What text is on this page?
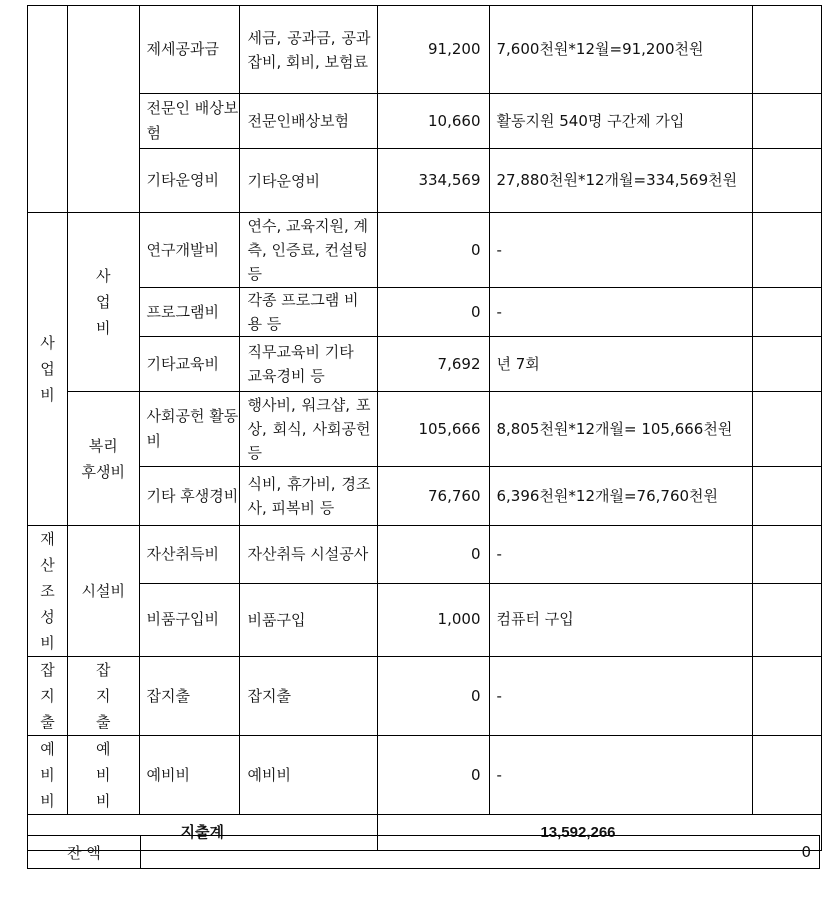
		제세공과금	세금, 공과금, 공과잡비, 회비, 보험료	91,200	7,600천원*12월=91,200천원	
		전문인 배상보험	전문인배상보험	10,660	활동지원 540명 구간제 가입	
		기타운영비	기타운영비	334,569	27,880천원*12개월=334,569천원	
사업비	사업비	연구개발비	연수, 교육지원, 계측, 인증료, 컨설팅 등	0	-	
		프로그램비	각종 프로그램 비용 등	0	-	
		기타교육비	직무교육비 기타 교육경비 등	7,692	년 7회	
	복리 후생비	사회공헌 활동비	행사비, 워크샵, 포상, 회식, 사회공헌 등	105,666	8,805천원*12개월= 105,666천원	
		기타 후생경비	식비, 휴가비, 경조사, 피복비 등	76,760	6,396천원*12개월=76,760천원	
재산조성비	시설비	자산취득비	자산취득 시설공사	0	-	
		비품구입비	비품구입	1,000	컴퓨터 구입	
잡지출	잡지출	잡지출	잡지출	0	-	
예비비	예비비	예비비	예비비	0	-	
지출계				13,592,266		
잔 액	0
